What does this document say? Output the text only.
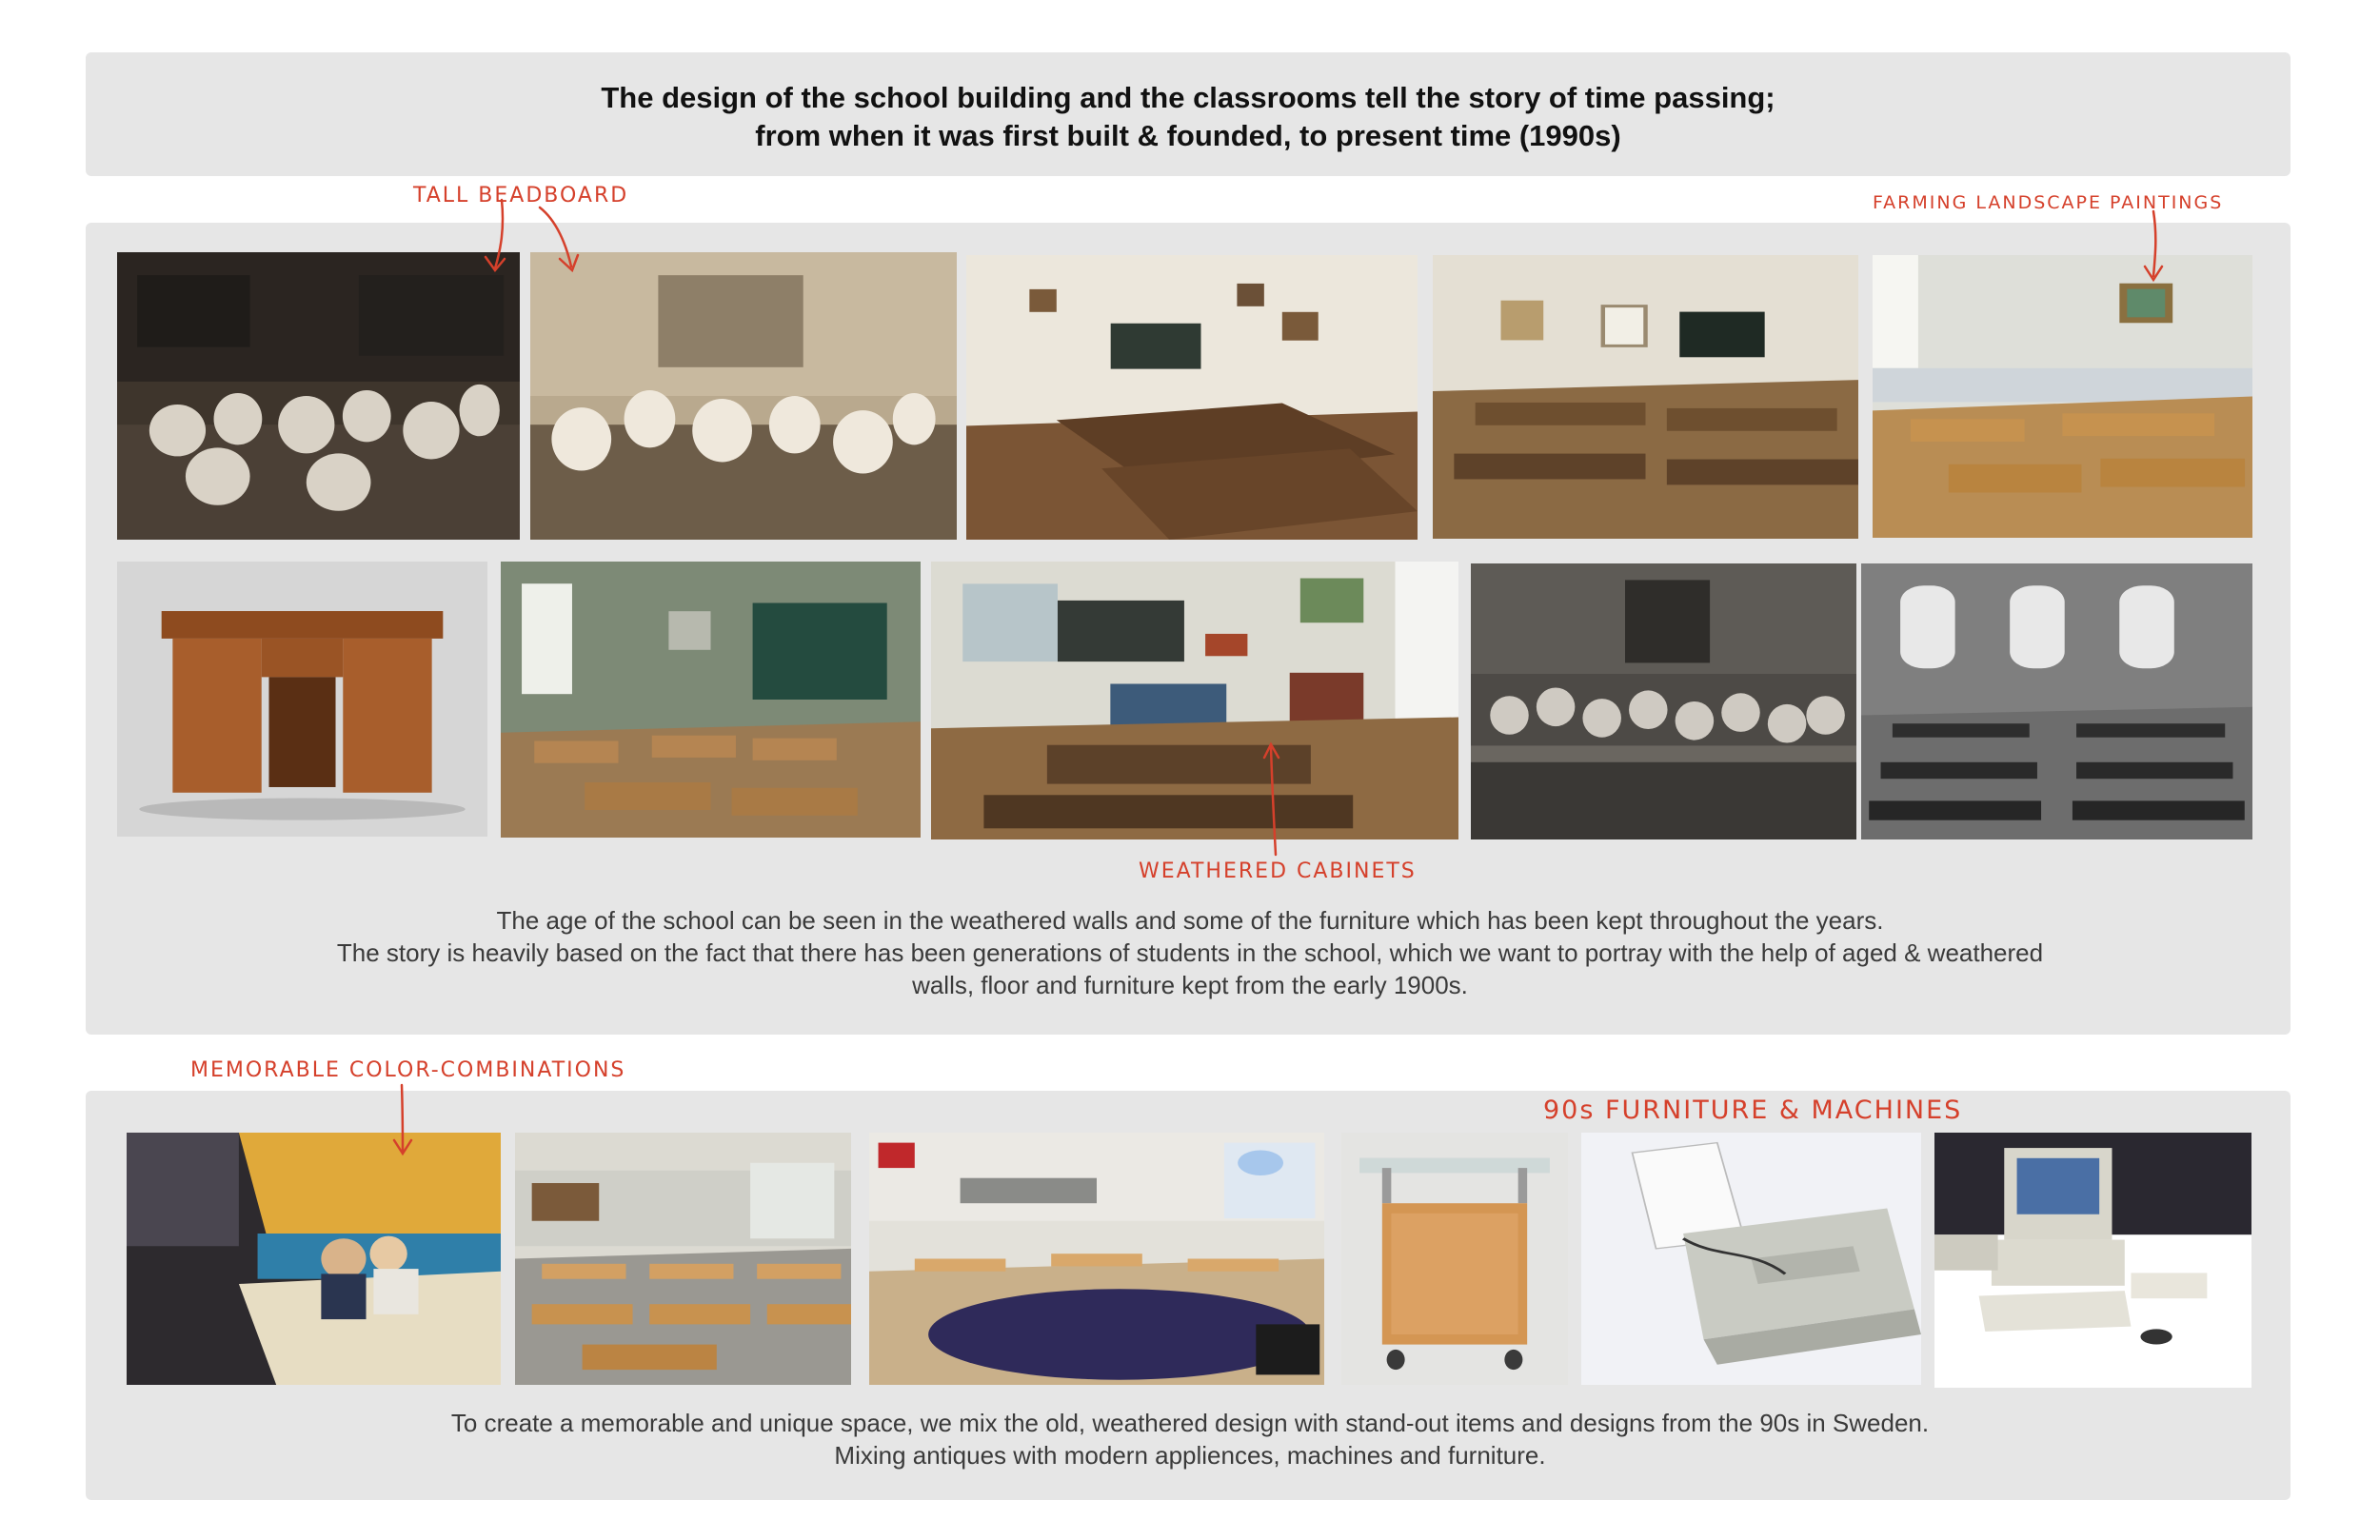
The design of the school building and the classrooms tell the story of time passing;
from when it was first built & founded, to present time (1990s)
TALL BEADBOARD	FARMING LANDSCAPE PAINTINGS
WEATHERED CABINETS
MEMORABLE COLOR-COMBINATIONS
90s FURNITURE & MACHINES
The age of the school can be seen in the weathered walls and some of the furniture which has been kept throughout the years.
The story is heavily based on the fact that there has been generations of students in the school, which we want to portray with the help of aged & weathered
walls, floor and furniture kept from the early 1900s.
To create a memorable and unique space, we mix the old, weathered design with stand-out items and designs from the 90s in Sweden.
Mixing antiques with modern appliences, machines and furniture.
